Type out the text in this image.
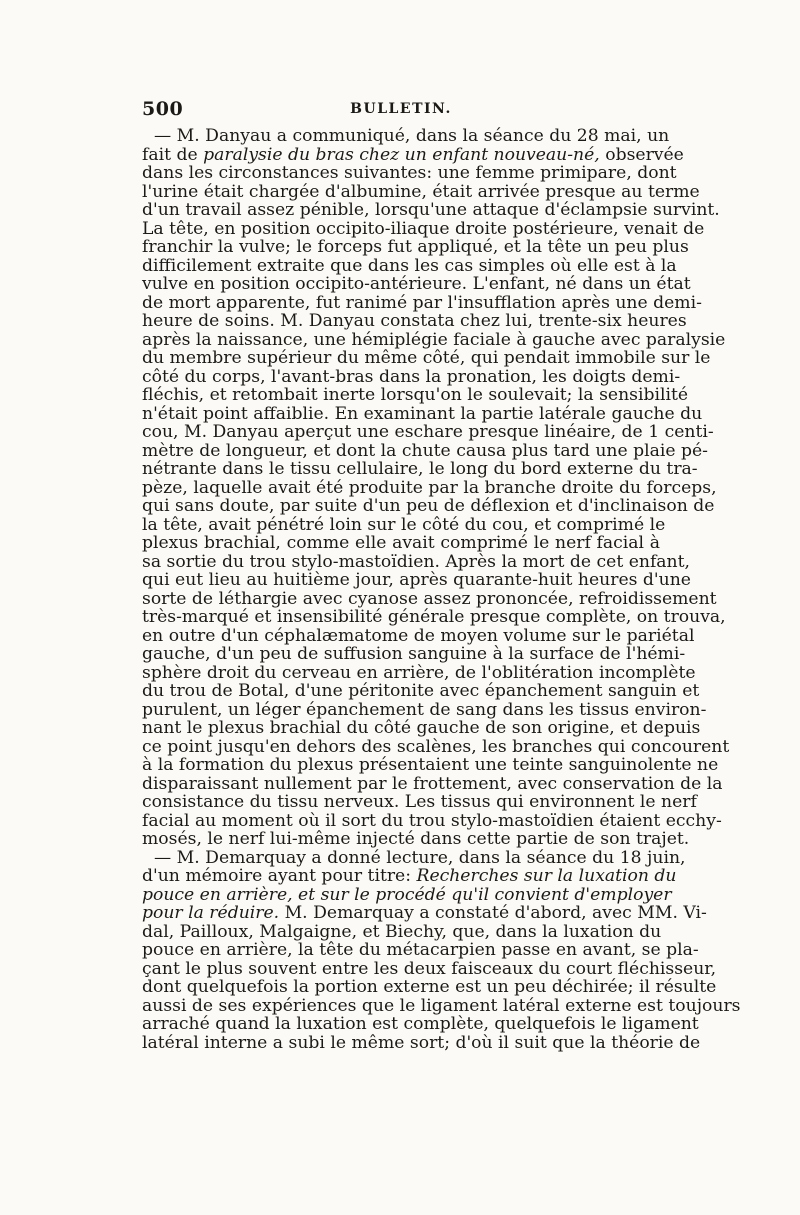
500	BULLETIN.
— M. Danyau a communiqué, dans la séance du 28 mai, un
fait de paralysie du bras chez un enfant nouveau-né, observée
dans les circonstances suivantes: une femme primipare, dont
l'urine était chargée d'albumine, était arrivée presque au terme
d'un travail assez pénible, lorsqu'une attaque d'éclampsie survint.
La tête, en position occipito-iliaque droite postérieure, venait de
franchir la vulve; le forceps fut appliqué, et la tête un peu plus
difficilement extraite que dans les cas simples où elle est à la
vulve en position occipito-antérieure. L'enfant, né dans un état
de mort apparente, fut ranimé par l'insufflation après une demi-
heure de soins. M. Danyau constata chez lui, trente-six heures
après la naissance, une hémiplégie faciale à gauche avec paralysie
du membre supérieur du même côté, qui pendait immobile sur le
côté du corps, l'avant-bras dans la pronation, les doigts demi-
fléchis, et retombait inerte lorsqu'on le soulevait; la sensibilité
n'était point affaiblie. En examinant la partie latérale gauche du
cou, M. Danyau aperçut une eschare presque linéaire, de 1 centi-
mètre de longueur, et dont la chute causa plus tard une plaie pé-
nétrante dans le tissu cellulaire, le long du bord externe du tra-
pèze, laquelle avait été produite par la branche droite du forceps,
qui sans doute, par suite d'un peu de déflexion et d'inclinaison de
la tête, avait pénétré loin sur le côté du cou, et comprimé le
plexus brachial, comme elle avait comprimé le nerf facial à
sa sortie du trou stylo-mastoïdien. Après la mort de cet enfant,
qui eut lieu au huitième jour, après quarante-huit heures d'une
sorte de léthargie avec cyanose assez prononcée, refroidissement
très-marqué et insensibilité générale presque complète, on trouva,
en outre d'un céphalæmatome de moyen volume sur le pariétal
gauche, d'un peu de suffusion sanguine à la surface de l'hémi-
sphère droit du cerveau en arrière, de l'oblitération incomplète
du trou de Botal, d'une péritonite avec épanchement sanguin et
purulent, un léger épanchement de sang dans les tissus environ-
nant le plexus brachial du côté gauche de son origine, et depuis
ce point jusqu'en dehors des scalènes, les branches qui concourent
à la formation du plexus présentaient une teinte sanguinolente ne
disparaissant nullement par le frottement, avec conservation de la
consistance du tissu nerveux. Les tissus qui environnent le nerf
facial au moment où il sort du trou stylo-mastoïdien étaient ecchy-
mosés, le nerf lui-même injecté dans cette partie de son trajet.
— M. Demarquay a donné lecture, dans la séance du 18 juin,
d'un mémoire ayant pour titre: Recherches sur la luxation du
pouce en arrière, et sur le procédé qu'il convient d'employer
pour la réduire. M. Demarquay a constaté d'abord, avec MM. Vi-
dal, Pailloux, Malgaigne, et Biechy, que, dans la luxation du
pouce en arrière, la tête du métacarpien passe en avant, se pla-
çant le plus souvent entre les deux faisceaux du court fléchisseur,
dont quelquefois la portion externe est un peu déchirée; il résulte
aussi de ses expériences que le ligament latéral externe est toujours
arraché quand la luxation est complète, quelquefois le ligament
latéral interne a subi le même sort; d'où il suit que la théorie de
